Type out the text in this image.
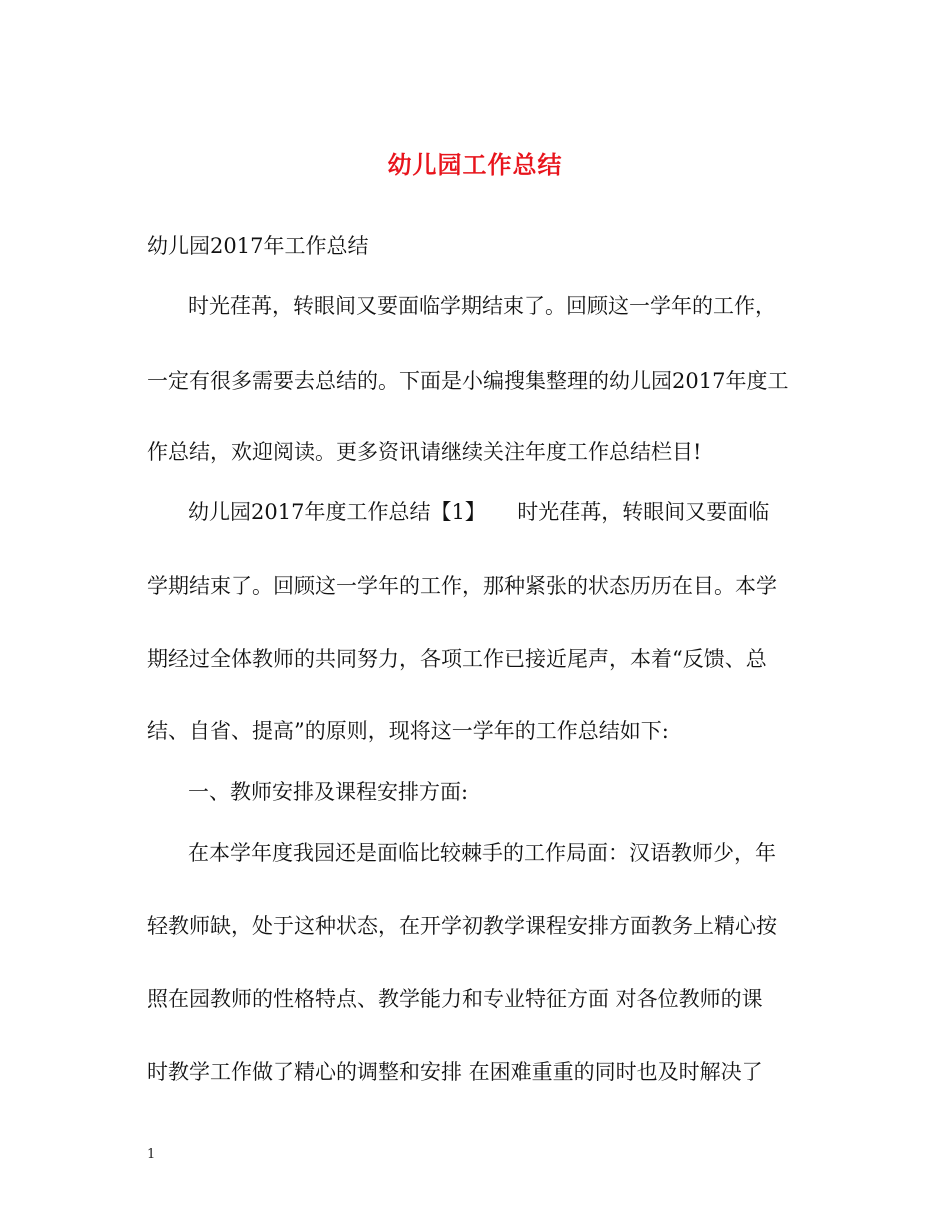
幼儿园工作总结
幼儿园2017年工作总结
时光荏苒，转眼间又要面临学期结束了。回顾这一学年的工作，
一定有很多需要去总结的。下面是小编搜集整理的幼儿园2017年度工
作总结，欢迎阅读。更多资讯请继续关注年度工作总结栏目!
幼儿园2017年度工作总结【1】　　时光荏苒，转眼间又要面临
学期结束了。回顾这一学年的工作，那种紧张的状态历历在目。本学
期经过全体教师的共同努力，各项工作已接近尾声，本着“反馈、总
结、自省、提高”的原则，现将这一学年的工作总结如下:
一、教师安排及课程安排方面:
在本学年度我园还是面临比较棘手的工作局面：汉语教师少，年
轻教师缺，处于这种状态，在开学初教学课程安排方面教务上精心按
照在园教师的性格特点、教学能力和专业特征方面 对各位教师的课
时教学工作做了精心的调整和安排 在困难重重的同时也及时解决了
1
